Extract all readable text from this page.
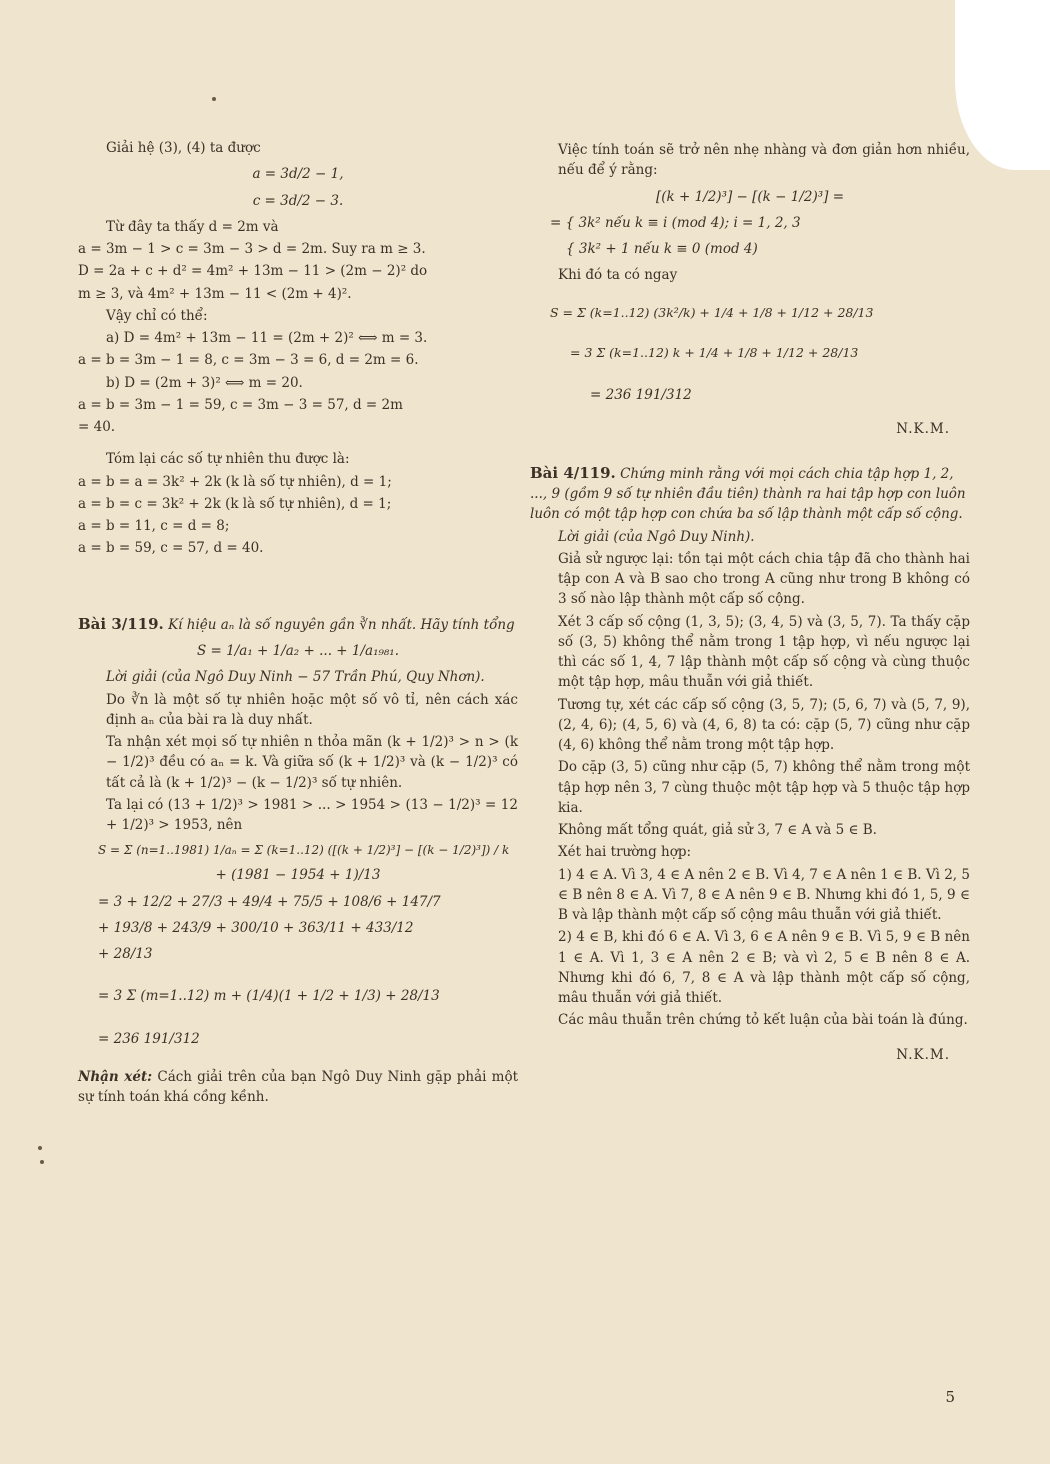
Giải hệ (3), (4) ta được

a = 3d/2 − 1,

c = 3d/2 − 3.

Từ đây ta thấy d = 2m và

a = 3m − 1 > c = 3m − 3 > d = 2m. Suy ra m ≥ 3.

D = 2a + c + d² = 4m² + 13m − 11 > (2m − 2)² do

m ≥ 3, và 4m² + 13m − 11 < (2m + 4)².

Vậy chỉ có thể:

a) D = 4m² + 13m − 11 = (2m + 2)² ⟺ m = 3.

a = b = 3m − 1 = 8, c = 3m − 3 = 6, d = 2m = 6.

b) D = (2m + 3)² ⟺ m = 20.

a = b = 3m − 1 = 59, c = 3m − 3 = 57, d = 2m

= 40.

Tóm lại các số tự nhiên thu được là:

a = b = a = 3k² + 2k (k là số tự nhiên), d = 1;

a = b = c = 3k² + 2k (k là số tự nhiên), d = 1;

a = b = 11, c = d = 8;

a = b = 59, c = 57, d = 40.

Bài 3/119. Kí hiệu aₙ là số nguyên gần ∛n nhất. Hãy tính tổng

S = 1/a₁ + 1/a₂ + ... + 1/a₁₉₈₁.

Lời giải (của Ngô Duy Ninh − 57 Trần Phú, Quy Nhơn).

Do ∛n là một số tự nhiên hoặc một số vô tỉ, nên cách xác định aₙ của bài ra là duy nhất.

Ta nhận xét mọi số tự nhiên n thỏa mãn (k + 1/2)³ > n > (k − 1/2)³ đều có aₙ = k. Và giữa số (k + 1/2)³ và (k − 1/2)³ có tất cả là (k + 1/2)³ − (k − 1/2)³ số tự nhiên.

Ta lại có (13 + 1/2)³ > 1981 > ... > 1954 > (13 − 1/2)³ = 12 + 1/2)³ > 1953, nên

S = Σ (n=1..1981) 1/aₙ = Σ (k=1..12) ([(k + 1/2)³] − [(k − 1/2)³]) / k

+ (1981 − 1954 + 1)/13

= 3 + 12/2 + 27/3 + 49/4 + 75/5 + 108/6 + 147/7

+ 193/8 + 243/9 + 300/10 + 363/11 + 433/12

+ 28/13

= 3 Σ (m=1..12) m + (1/4)(1 + 1/2 + 1/3) + 28/13

= 236 191/312

Nhận xét: Cách giải trên của bạn Ngô Duy Ninh gặp phải một sự tính toán khá cồng kềnh.

Việc tính toán sẽ trở nên nhẹ nhàng và đơn giản hơn nhiều, nếu để ý rằng:

[(k + 1/2)³] − [(k − 1/2)³] =

= { 3k² nếu k ≡ i (mod 4); i = 1, 2, 3

{ 3k² + 1 nếu k ≡ 0 (mod 4)

Khi đó ta có ngay

S = Σ (k=1..12) (3k²/k) + 1/4 + 1/8 + 1/12 + 28/13

= 3 Σ (k=1..12) k + 1/4 + 1/8 + 1/12 + 28/13

= 236 191/312

N.K.M.

Bài 4/119. Chứng minh rằng với mọi cách chia tập hợp 1, 2, ..., 9 (gồm 9 số tự nhiên đầu tiên) thành ra hai tập hợp con luôn luôn có một tập hợp con chứa ba số lập thành một cấp số cộng.

Lời giải (của Ngô Duy Ninh).

Giả sử ngược lại: tồn tại một cách chia tập đã cho thành hai tập con A và B sao cho trong A cũng như trong B không có 3 số nào lập thành một cấp số cộng.

Xét 3 cấp số cộng (1, 3, 5); (3, 4, 5) và (3, 5, 7). Ta thấy cặp số (3, 5) không thể nằm trong 1 tập hợp, vì nếu ngược lại thì các số 1, 4, 7 lập thành một cấp số cộng và cùng thuộc một tập hợp, mâu thuẫn với giả thiết.

Tương tự, xét các cấp số cộng (3, 5, 7); (5, 6, 7) và (5, 7, 9), (2, 4, 6); (4, 5, 6) và (4, 6, 8) ta có: cặp (5, 7) cũng như cặp (4, 6) không thể nằm trong một tập hợp.

Do cặp (3, 5) cũng như cặp (5, 7) không thể nằm trong một tập hợp nên 3, 7 cùng thuộc một tập hợp và 5 thuộc tập hợp kia.

Không mất tổng quát, giả sử 3, 7 ∈ A và 5 ∈ B.

Xét hai trường hợp:

1) 4 ∈ A. Vì 3, 4 ∈ A nên 2 ∈ B. Vì 4, 7 ∈ A nên 1 ∈ B. Vì 2, 5 ∈ B nên 8 ∈ A. Vì 7, 8 ∈ A nên 9 ∈ B. Nhưng khi đó 1, 5, 9 ∈ B và lập thành một cấp số cộng mâu thuẫn với giả thiết.

2) 4 ∈ B, khi đó 6 ∈ A. Vì 3, 6 ∈ A nên 9 ∈ B. Vì 5, 9 ∈ B nên 1 ∈ A. Vì 1, 3 ∈ A nên 2 ∈ B; và vì 2, 5 ∈ B nên 8 ∈ A. Nhưng khi đó 6, 7, 8 ∈ A và lập thành một cấp số cộng, mâu thuẫn với giả thiết.

Các mâu thuẫn trên chứng tỏ kết luận của bài toán là đúng.

N.K.M.

5
